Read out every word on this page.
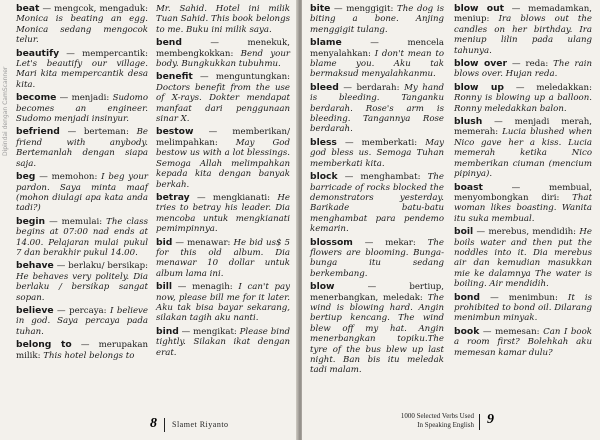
Dipindai dengan CamScanner

beat — mengcok, mengaduk: Monica is beating an egg. Monica sedang mengocok telur.

beautify — mempercantik: Let's beautify our village. Mari kita mempercantik desa kita.

become — menjadi: Sudomo becomes an engineer. Sudomo menjadi insinyur.

befriend — berteman: Be friend with anybody. Bertemanlah dengan siapa saja.

beg — memohon: I beg your pardon. Saya minta maaf (mohon diulagi apa kata anda tadi?)

begin — memulai: The class begins at 07:00 nad ends at 14.00. Pelajaran mulai pukul 7 dan berakhir pukul 14.00.

behave — berlaku/ bersikap: He behaves very politely. Dia berlaku / bersikap sangat sopan.

believe — percaya: I believe in god. Saya percaya pada tuhan.

belong to — merupakan milik: This hotel belongs to

Mr. Sahid. Hotel ini milik Tuan Sahid. This book belongs to me. Buku ini milik saya.

bend — menekuk, membengkokkan: Bend your body. Bungkukkan tubuhmu.

benefit — menguntungkan: Doctors benefit from the use of X-rays. Dokter mendapat manfaat dari penggunaan sinar X.

bestow — memberikan/ melimpahkan: May God bestow us with a lot blessings. Semoga Allah melimpahkan kepada kita dengan banyak berkah.

betray — mengkianati: He tries to betray his leader. Dia mencoba untuk mengkianati pemimpinnya.

bid — menawar: He bid us$ 5 for this old album. Dia menawar 10 dollar untuk album lama ini.

bill — menagih: I can't pay now, please bill me for it later. Aku tak bisa bayar sekarang, silakan tagih aku nanti.

bind — mengikat: Please bind tightly. Silakan ikat dengan erat.

8 Slamet Riyanto

bite — menggigit: The dog is biting a bone. Anjing menggigit tulang.

blame — mencela menyalahkan: I don't mean to blame you. Aku tak bermaksud menyalahkanmu.

bleed — berdarah: My hand is bleeding. Tanganku berdarah. Rose's arm is bleeding. Tangannya Rose berdarah.

bless — memberkati: May god bless us. Semoga Tuhan memberkati kita.

block — menghambat: The barricade of rocks blocked the demonstrators yesterday. Barikade batu-batu menghambat para pendemo kemarin.

blossom — mekar: The flowers are blooming. Bunga-bunga itu sedang berkembang.

blow — bertiup, menerbangkan, meledak: The wind is blowing hard. Angin bertiup kencang. The wind blew off my hat. Angin menerbangkan topiku.The tyre of the bus blew up last night. Ban bis itu meledak tadi malam.

blow out — memadamkan, meniup: Ira blows out the candles on her birthday. Ira meniup lilin pada ulang tahunya.

blow over — reda: The rain blows over. Hujan reda.

blow up — meledakkan: Ronny is blowing up a balloon. Ronny meledakkan balon.

blush — menjadi merah, memerah: Lucia blushed when Nico gave her a kiss. Lucia memerah ketika Nico memberikan ciuman (mencium pipinya).

boast — membual, menyombongkan diri: That woman likes boasting. Wanita itu suka membual.

boil — merebus, mendidih: He boils water and then put the noddles into it. Dia merebus air dan kemudian masukkan mie ke dalamnya The water is boiling. Air mendidih.

bond — menimbun: It is prohibited to bond oil. Dilarang menimbun minyak.

book — memesan: Can I book a room first? Bolehkah aku memesan kamar dulu?

1000 Selected Verbs Used
In Speaking English 9
